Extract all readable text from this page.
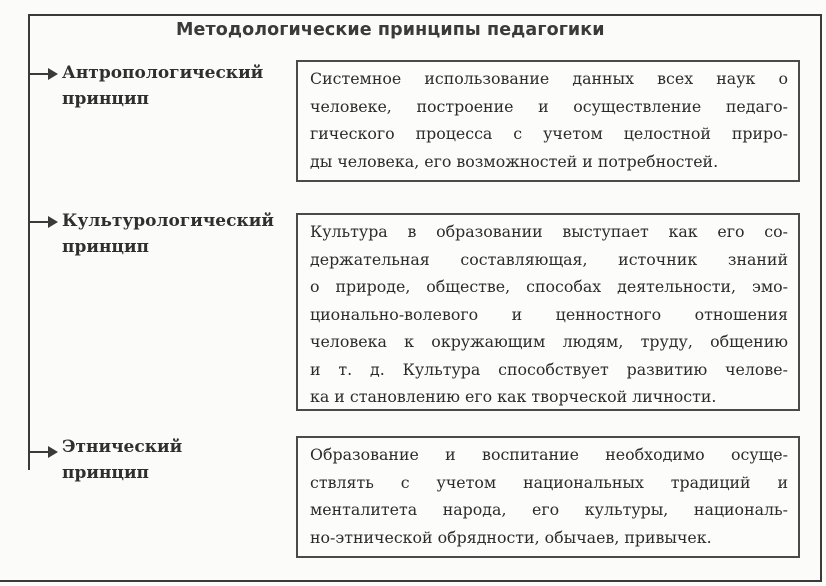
Методологические принципы педагогики
Антропологический
принцип
Системное использование данных всех наук о
человеке, построение и осуществление педаго-
гического процесса с учетом целостной приро-
ды человека, его возможностей и потребностей.
Культурологический
принцип
Культура в образовании выступает как его со-
держательная составляющая, источник знаний
о природе, обществе, способах деятельности, эмо-
ционально-волевого и ценностного отношения
человека к окружающим людям, труду, общению
и т. д. Культура способствует развитию челове-
ка и становлению его как творческой личности.
Этнический
принцип
Образование и воспитание необходимо осуще-
ствлять с учетом национальных традиций и
менталитета народа, его культуры, националь-
но-этнической обрядности, обычаев, привычек.
